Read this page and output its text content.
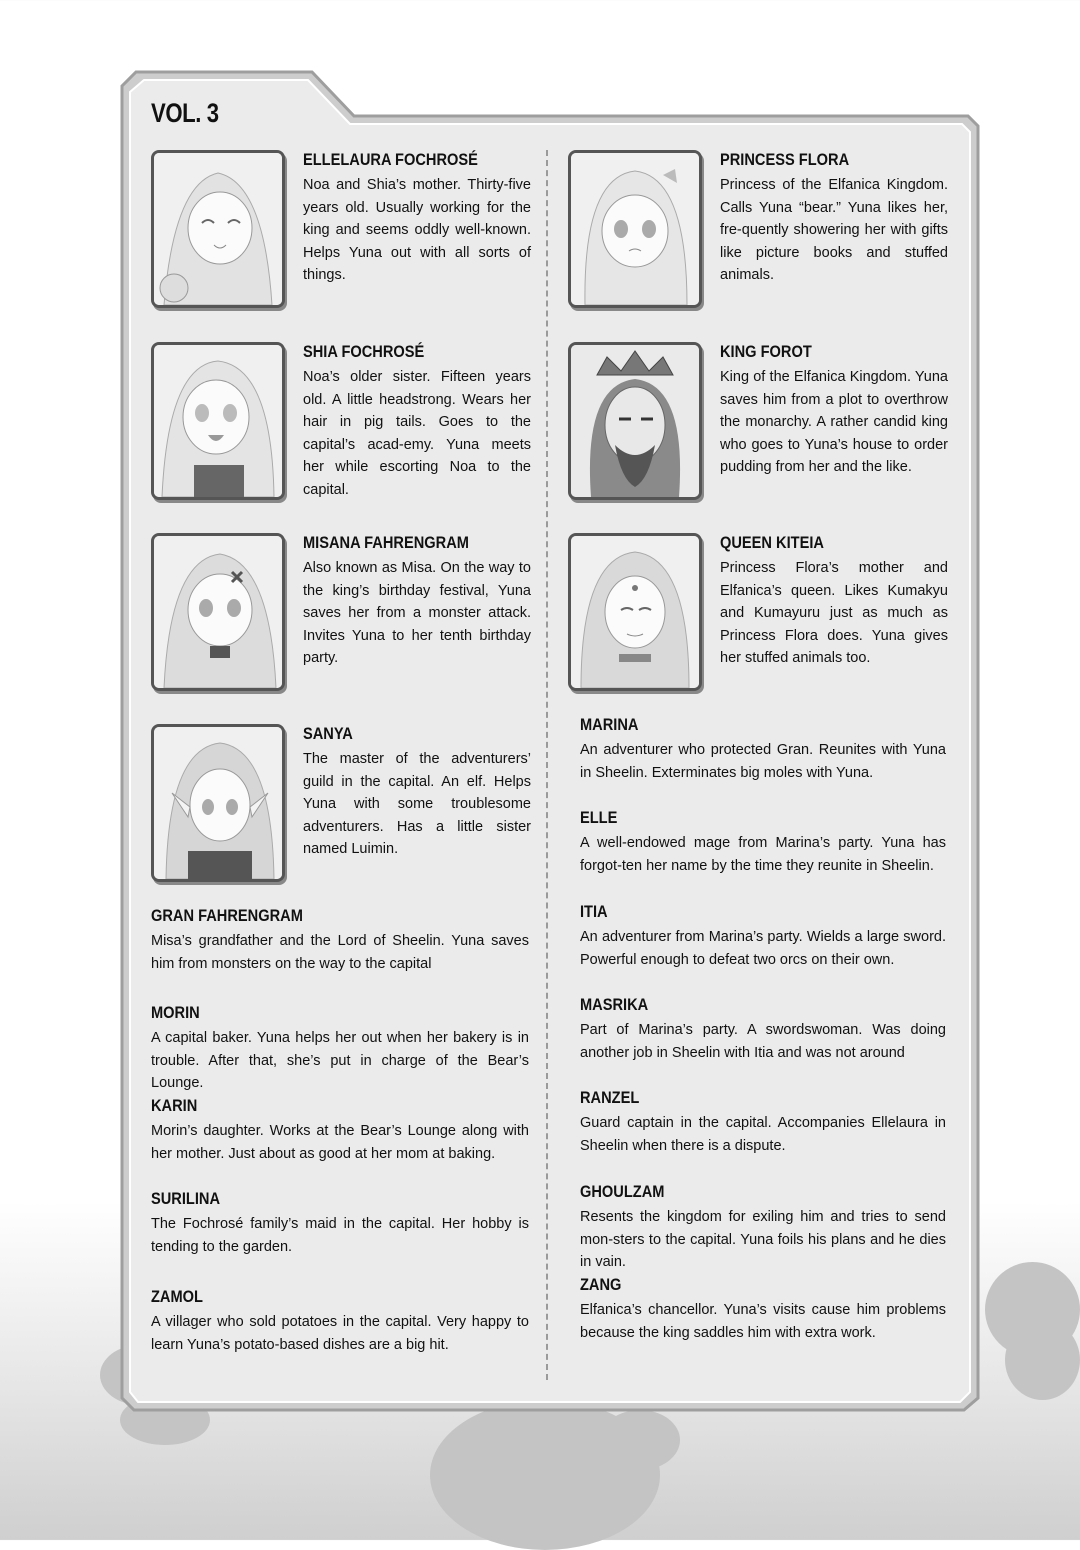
VOL. 3
ELLELAURA FOCHROSÉ

Noa and Shia’s mother. Thirty-five years old. Usually working for the king and seems oddly well-known. Helps Yuna out with all sorts of things.

SHIA FOCHROSÉ

Noa’s older sister. Fifteen years old. A little headstrong. Wears her hair in pig tails. Goes to the capital’s acad-emy. Yuna meets her while escorting Noa to the capital.

MISANA FAHRENGRAM

Also known as Misa. On the way to the king’s birthday festival, Yuna saves her from a monster attack. Invites Yuna to her tenth birthday party.

SANYA

The master of the adventurers’ guild in the capital. An elf. Helps Yuna with some troublesome adventurers. Has a little sister named Luimin.

PRINCESS FLORA

Princess of the Elfanica Kingdom. Calls Yuna “bear.” Yuna likes her, fre-quently showering her with gifts like picture books and stuffed animals.

KING FOROT

King of the Elfanica Kingdom. Yuna saves him from a plot to overthrow the monarchy. A rather candid king who goes to Yuna’s house to order pudding from her and the like.

QUEEN KITEIA

Princess Flora’s mother and Elfanica’s queen. Likes Kumakyu and Kumayuru just as much as Princess Flora does. Yuna gives her stuffed animals too.

GRAN FAHRENGRAM

Misa’s grandfather and the Lord of Sheelin. Yuna saves him from monsters on the way to the capital

MORIN

A capital baker. Yuna helps her out when her bakery is in trouble. After that, she’s put in charge of the Bear’s Lounge.

KARIN

Morin’s daughter. Works at the Bear’s Lounge along with her mother. Just about as good at her mom at baking.

SURILINA

The Fochrosé family’s maid in the capital. Her hobby is tending to the garden.

ZAMOL

A villager who sold potatoes in the capital. Very happy to learn Yuna’s potato-based dishes are a big hit.

MARINA

An adventurer who protected Gran. Reunites with Yuna in Sheelin. Exterminates big moles with Yuna.

ELLE

A well-endowed mage from Marina’s party. Yuna has forgot-ten her name by the time they reunite in Sheelin.

ITIA

An adventurer from Marina’s party. Wields a large sword. Powerful enough to defeat two orcs on their own.

MASRIKA

Part of Marina’s party. A swordswoman. Was doing another job in Sheelin with Itia and was not around

RANZEL

Guard captain in the capital. Accompanies Ellelaura in Sheelin when there is a dispute.

GHOULZAM

Resents the kingdom for exiling him and tries to send mon-sters to the capital. Yuna foils his plans and he dies in vain.

ZANG

Elfanica’s chancellor. Yuna’s visits cause him problems because the king saddles him with extra work.
